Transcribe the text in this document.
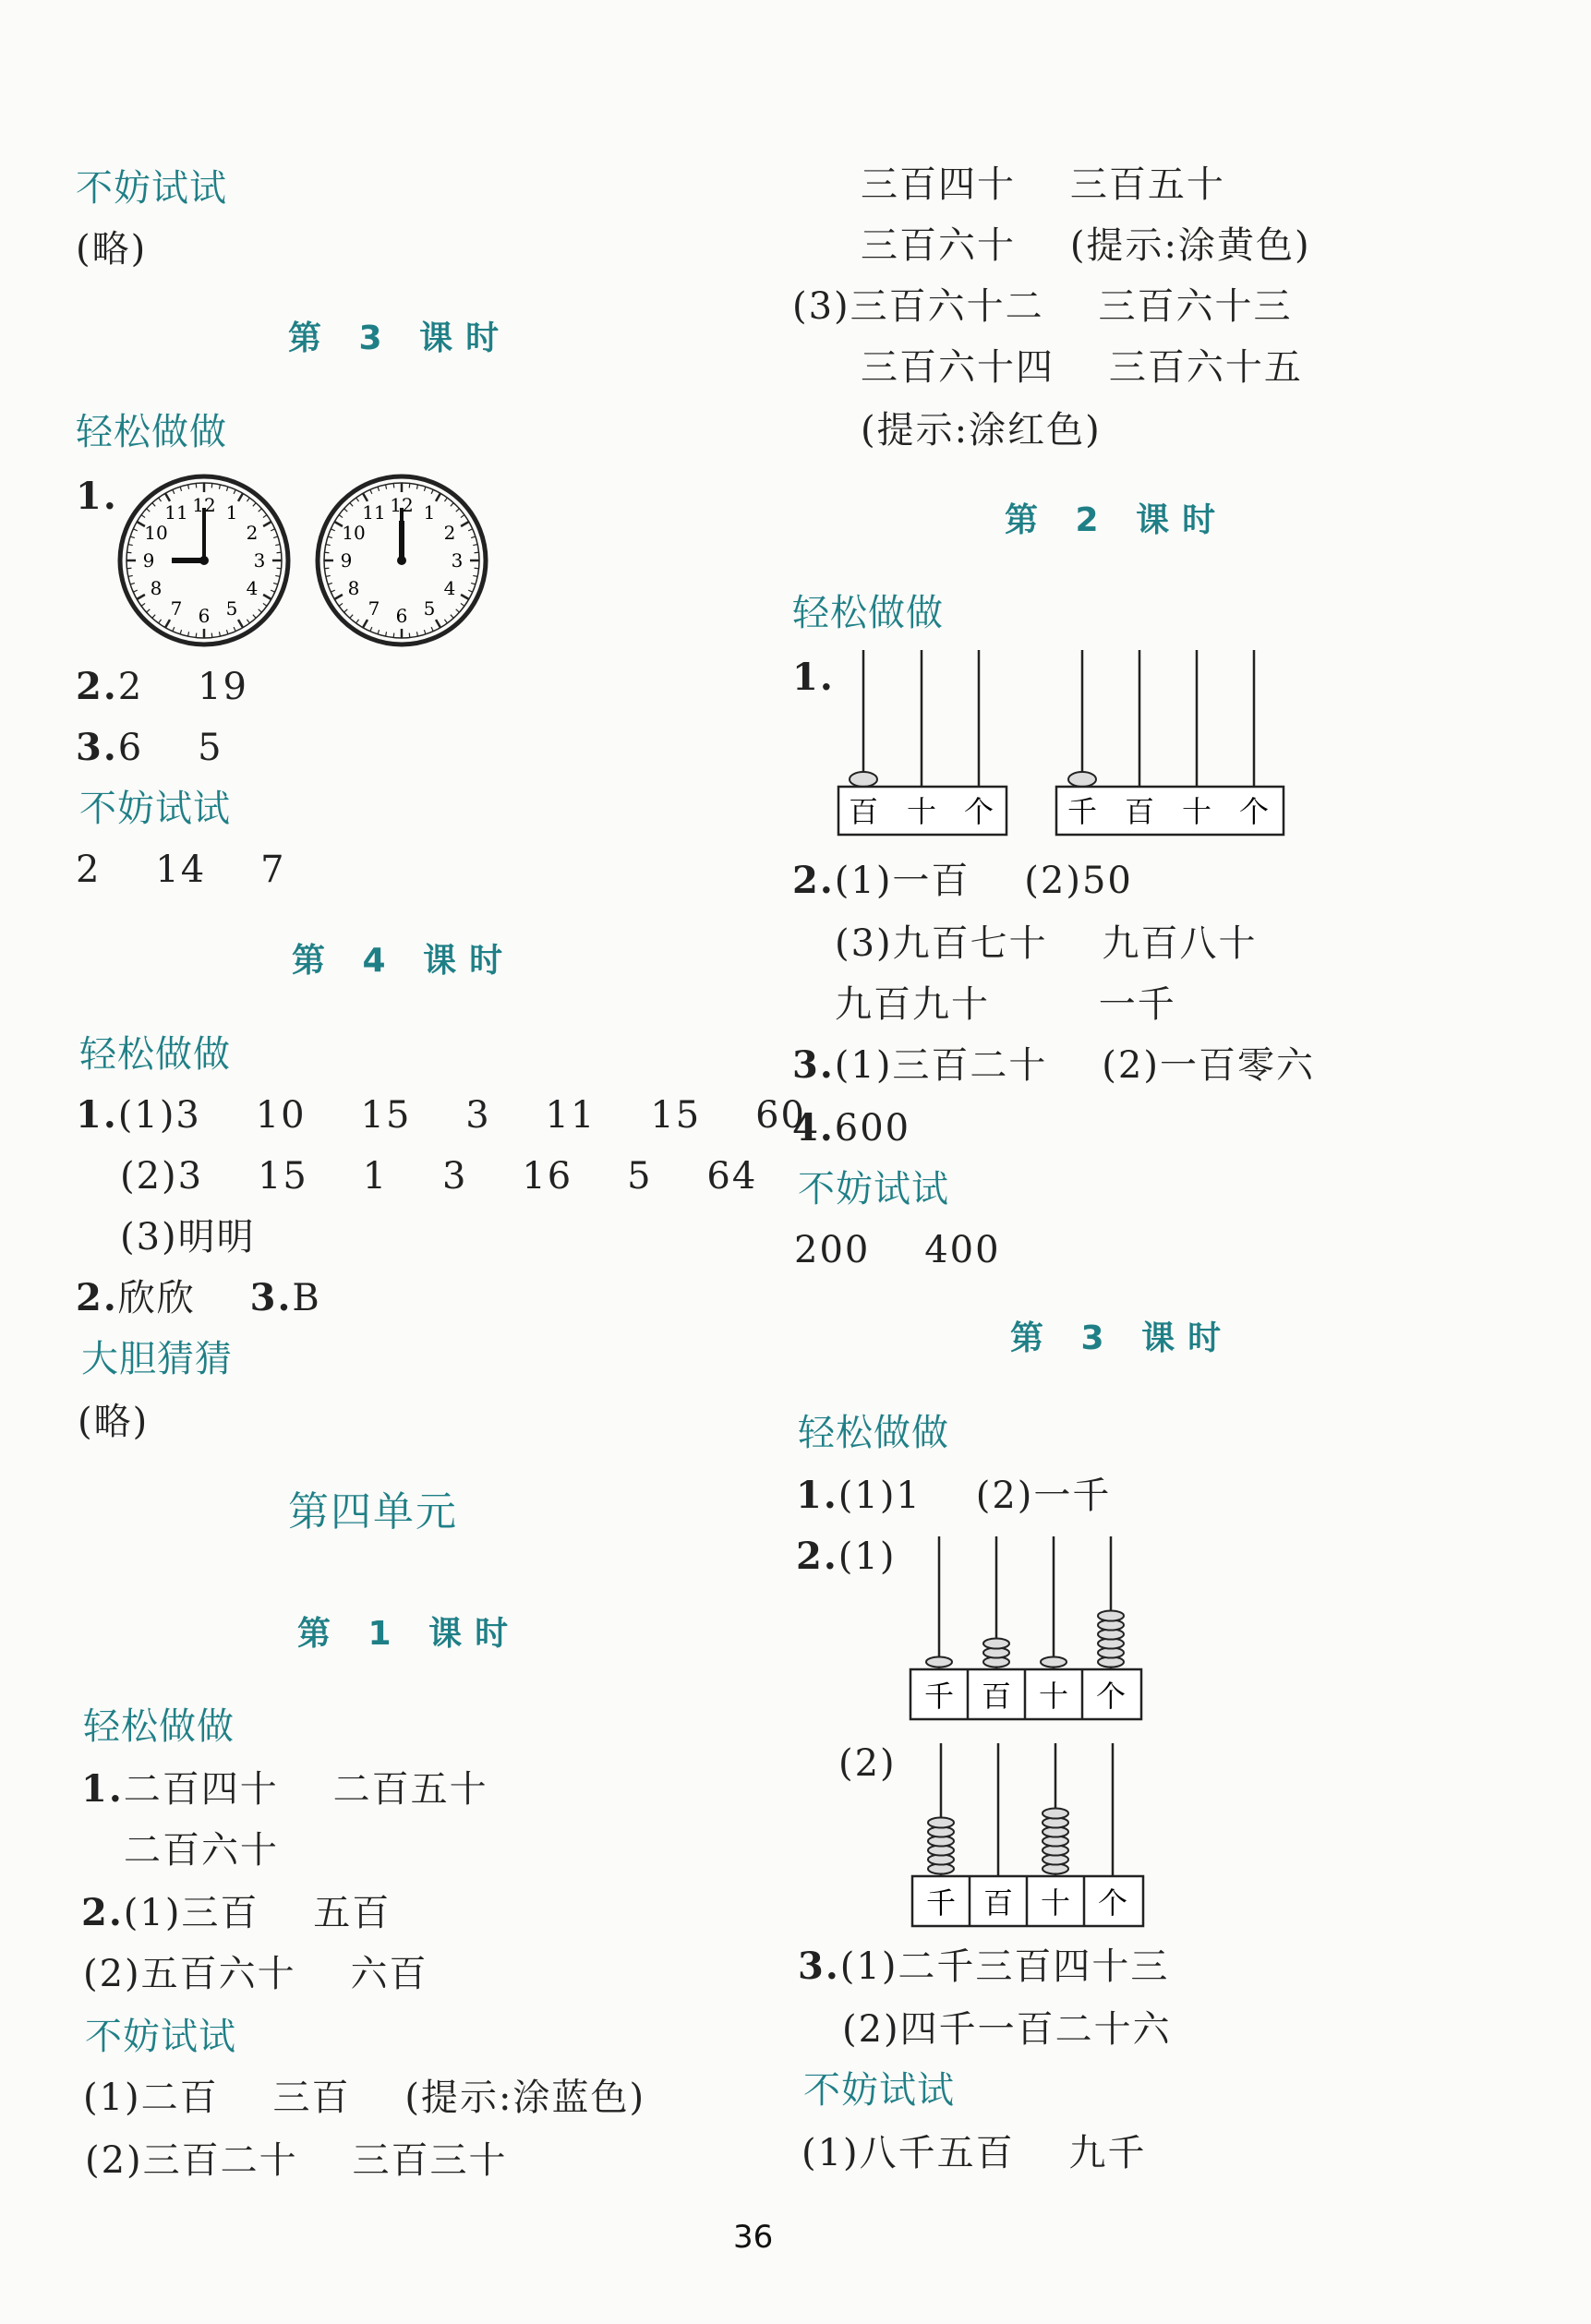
不妨试试
(略)
第 3 课时
轻松做做
1.	12 1
2
3
4
5
6
7
8
9
10
11	12 1
2
3
4
5
6
7
8
9
10
11
2.2    19
3.6    5
不妨试试
2    14    7
第 4 课时
轻松做做
1.(1)3    10    15    3    11    15    60
(2)3    15    1    3    16    5    64
(3)明明
2.欣欣 3.B
大胆猜猜
(略)
第四单元
第 1 课时
轻松做做
1.二百四十    二百五十
二百六十
2.(1)三百    五百
(2)五百六十    六百
不妨试试
(1)二百    三百    (提示:涂蓝色)
(2)三百二十    三百三十
三百四十    三百五十
三百六十    (提示:涂黄色)
(3)三百六十二    三百六十三
三百六十四    三百六十五
(提示:涂红色)
第 2 课时
轻松做做
1.
百 十 个 千 百 十 个
2.(1)一百    (2)50
(3)九百七十    九百八十
九百九十        一千
3.(1)三百二十    (2)一百零六
4.600
不妨试试
200    400
第 3 课时
轻松做做
1.(1)1    (2)一千
2.(1)
千 百 十 个
(2)
千 百 十 个
3.(1)二千三百四十三
(2)四千一百二十六
不妨试试
(1)八千五百    九千
36
